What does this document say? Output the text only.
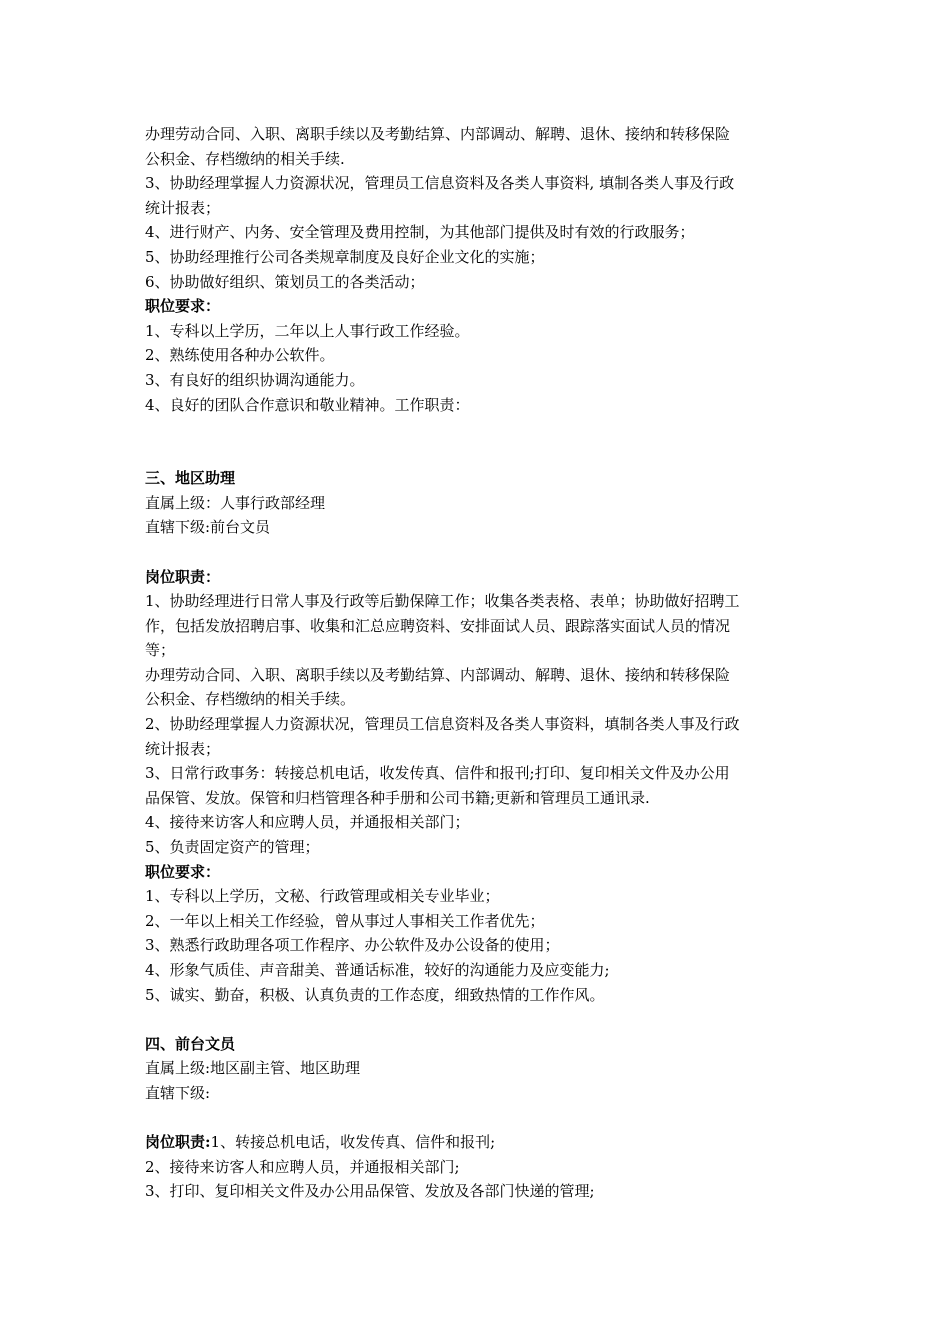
办理劳动合同、入职、离职手续以及考勤结算、内部调动、解聘、退休、接纳和转移保险
公积金、存档缴纳的相关手续.
3、协助经理掌握人力资源状况，管理员工信息资料及各类人事资料, 填制各类人事及行政
统计报表；
4、进行财产、内务、安全管理及费用控制，为其他部门提供及时有效的行政服务；
5、协助经理推行公司各类规章制度及良好企业文化的实施；
6、协助做好组织、策划员工的各类活动；
职位要求：
1、专科以上学历，二年以上人事行政工作经验。
2、熟练使用各种办公软件。
3、有良好的组织协调沟通能力。
4、良好的团队合作意识和敬业精神。工作职责：
三、地区助理
直属上级：人事行政部经理
直辖下级:前台文员
岗位职责：
1、协助经理进行日常人事及行政等后勤保障工作；收集各类表格、表单；协助做好招聘工
作，包括发放招聘启事、收集和汇总应聘资料、安排面试人员、跟踪落实面试人员的情况
等；
办理劳动合同、入职、离职手续以及考勤结算、内部调动、解聘、退休、接纳和转移保险
公积金、存档缴纳的相关手续。
2、协助经理掌握人力资源状况，管理员工信息资料及各类人事资料，填制各类人事及行政
统计报表；
3、日常行政事务：转接总机电话，收发传真、信件和报刊;打印、复印相关文件及办公用
品保管、发放。保管和归档管理各种手册和公司书籍;更新和管理员工通讯录.
4、接待来访客人和应聘人员，并通报相关部门；
5、负责固定资产的管理；
职位要求：
1、专科以上学历，文秘、行政管理或相关专业毕业；
2、一年以上相关工作经验，曾从事过人事相关工作者优先；
3、熟悉行政助理各项工作程序、办公软件及办公设备的使用；
4、形象气质佳、声音甜美、普通话标准，较好的沟通能力及应变能力;
5、诚实、勤奋，积极、认真负责的工作态度，细致热情的工作作风。
四、前台文员
直属上级:地区副主管、地区助理
直辖下级:
岗位职责:1、转接总机电话，收发传真、信件和报刊;
2、接待来访客人和应聘人员，并通报相关部门;
3、打印、复印相关文件及办公用品保管、发放及各部门快递的管理;
